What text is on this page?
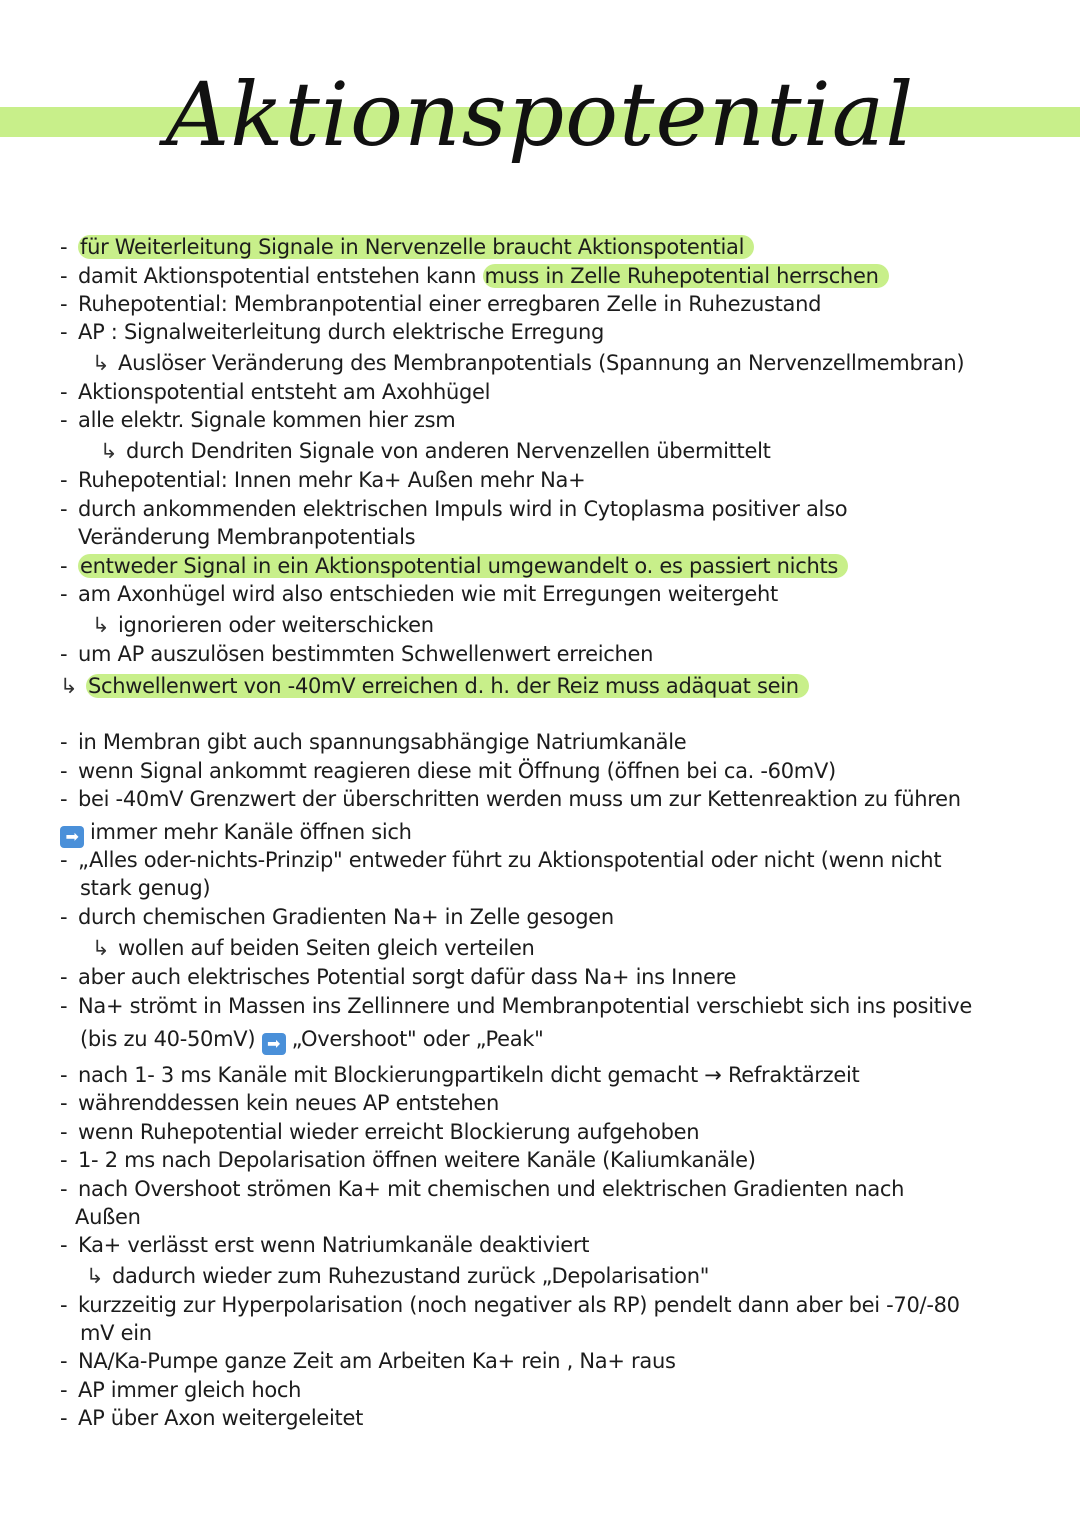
Aktionspotential
- für Weiterleitung Signale in Nervenzelle braucht Aktionspotential
- damit Aktionspotential entstehen kann muss in Zelle Ruhepotential herrschen
- Ruhepotential: Membranpotential einer erregbaren Zelle in Ruhezustand
- AP : Signalweiterleitung durch elektrische Erregung
↳ Auslöser Veränderung des Membranpotentials (Spannung an Nervenzellmembran)
- Aktionspotential entsteht am Axohhügel
- alle elektr. Signale kommen hier zsm
↳ durch Dendriten Signale von anderen Nervenzellen übermittelt
- Ruhepotential: Innen mehr Ka+ Außen mehr Na+
- durch ankommenden elektrischen Impuls wird in Cytoplasma positiver also
Veränderung Membranpotentials
- entweder Signal in ein Aktionspotential umgewandelt o. es passiert nichts
- am Axonhügel wird also entschieden wie mit Erregungen weitergeht
↳ ignorieren oder weiterschicken
- um AP auszulösen bestimmten Schwellenwert erreichen
↳ Schwellenwert von -40mV erreichen d. h. der Reiz muss adäquat sein
- in Membran gibt auch spannungsabhängige Natriumkanäle
- wenn Signal ankommt reagieren diese mit Öffnung (öffnen bei ca. -60mV)
- bei -40mV Grenzwert der überschritten werden muss um zur Kettenreaktion zu führen
➡ immer mehr Kanäle öffnen sich
- „Alles oder-nichts-Prinzip" entweder führt zu Aktionspotential oder nicht (wenn nicht
stark genug)
- durch chemischen Gradienten Na+ in Zelle gesogen
↳ wollen auf beiden Seiten gleich verteilen
- aber auch elektrisches Potential sorgt dafür dass Na+ ins Innere
- Na+ strömt in Massen ins Zellinnere und Membranpotential verschiebt sich ins positive
(bis zu 40-50mV) ➡ „Overshoot" oder „Peak"
- nach 1- 3 ms Kanäle mit Blockierungpartikeln dicht gemacht → Refraktärzeit
- währenddessen kein neues AP entstehen
- wenn Ruhepotential wieder erreicht Blockierung aufgehoben
- 1- 2 ms nach Depolarisation öffnen weitere Kanäle (Kaliumkanäle)
- nach Overshoot strömen Ka+ mit chemischen und elektrischen Gradienten nach
Außen
- Ka+ verlässt erst wenn Natriumkanäle deaktiviert
↳ dadurch wieder zum Ruhezustand zurück „Depolarisation"
- kurzzeitig zur Hyperpolarisation (noch negativer als RP) pendelt dann aber bei -70/-80
mV ein
- NA/Ka-Pumpe ganze Zeit am Arbeiten Ka+ rein , Na+ raus
- AP immer gleich hoch
- AP über Axon weitergeleitet
